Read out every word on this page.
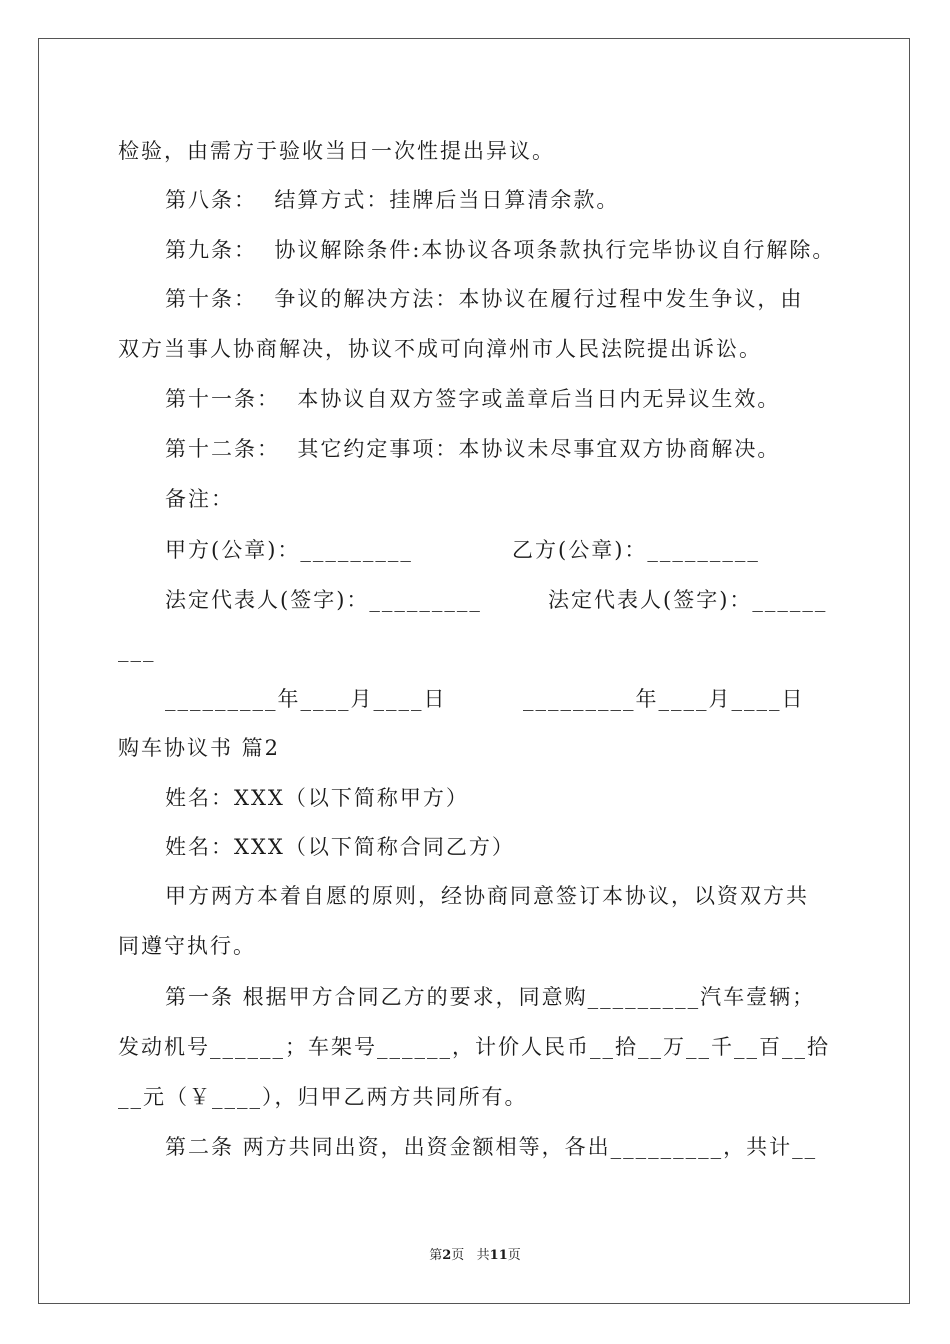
检验，由需方于验收当日一次性提出异议。
第八条：  结算方式：挂牌后当日算清余款。
第九条：  协议解除条件:本协议各项条款执行完毕协议自行解除。
第十条：  争议的解决方法：本协议在履行过程中发生争议，由
双方当事人协商解决，协议不成可向漳州市人民法院提出诉讼。
第十一条：  本协议自双方签字或盖章后当日内无异议生效。
第十二条：  其它约定事项：本协议未尽事宜双方协商解决。
备注：
甲方(公章)：_________	乙方(公章)：_________
法定代表人(签字)：_________	法定代表人(签字)：______
___
_________年____月____日	_________年____月____日
购车协议书 篇2
姓名：XXX（以下简称甲方）
姓名：XXX（以下简称合同乙方）
甲方两方本着自愿的原则，经协商同意签订本协议，以资双方共
同遵守执行。
第一条 根据甲方合同乙方的要求，同意购_________汽车壹辆；
发动机号______；车架号______，计价人民币__拾__万__千__百__拾
__元（￥____），归甲乙两方共同所有。
第二条 两方共同出资，出资金额相等，各出_________，共计__
第2页   共11页
